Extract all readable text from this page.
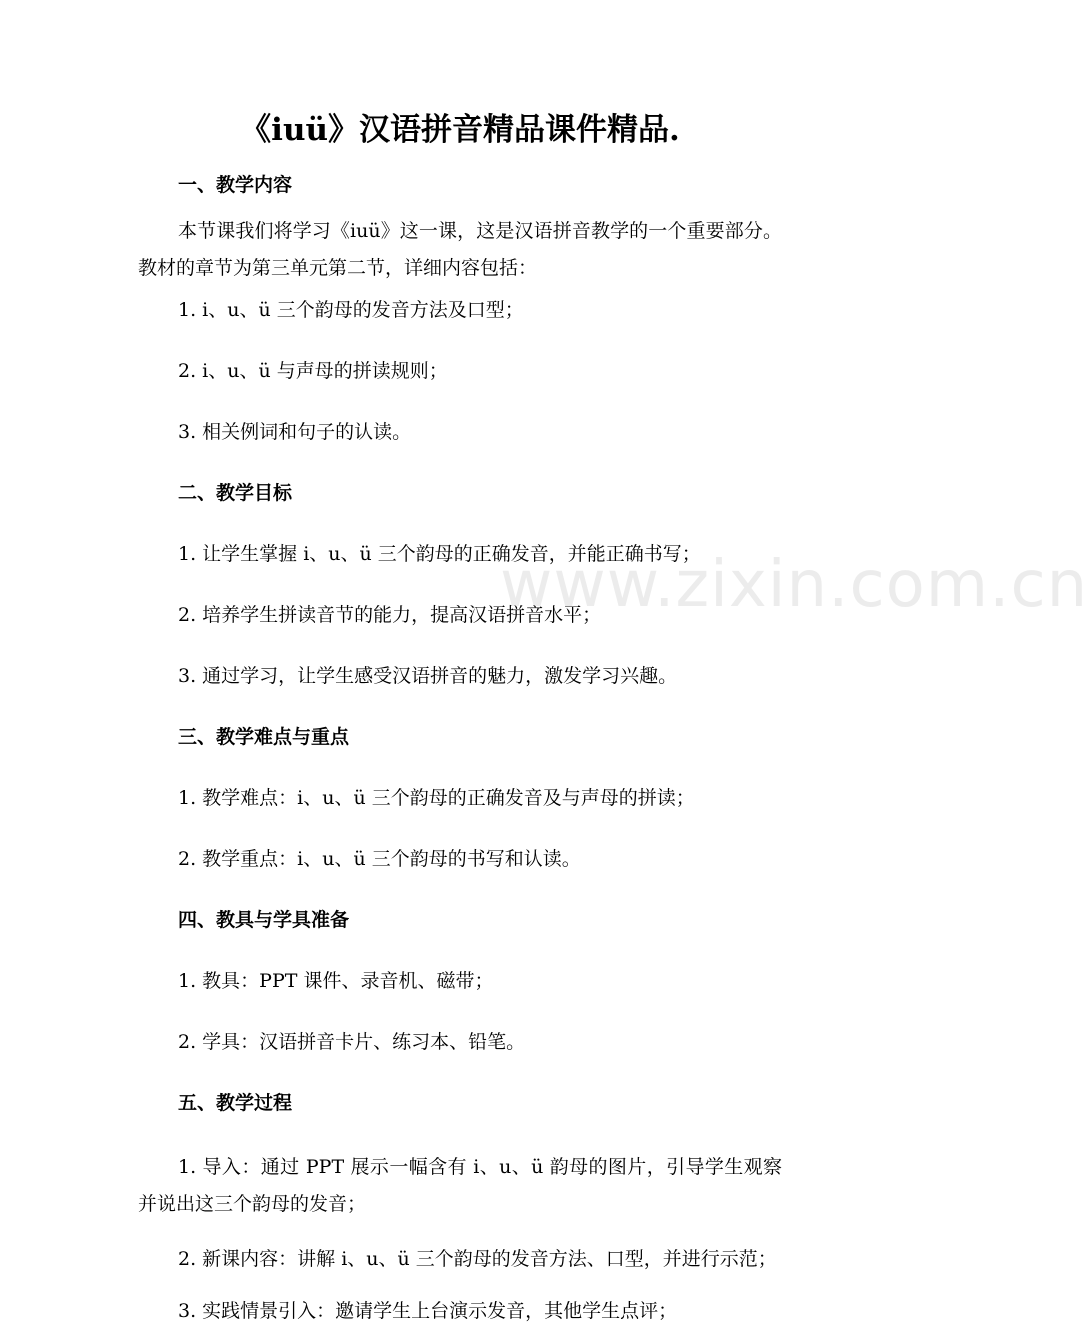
www.zixin.com.cn
《iuü》汉语拼音精品课件精品.
一、教学内容

本节课我们将学习《iuü》这一课，这是汉语拼音教学的一个重要部分。教材的章节为第三单元第二节，详细内容包括：

1. i、u、ü 三个韵母的发音方法及口型；
2. i、u、ü 与声母的拼读规则；
3. 相关例词和句子的认读。
二、教学目标
1. 让学生掌握 i、u、ü 三个韵母的正确发音，并能正确书写；
2. 培养学生拼读音节的能力，提高汉语拼音水平；
3. 通过学习，让学生感受汉语拼音的魅力，激发学习兴趣。
三、教学难点与重点
1. 教学难点：i、u、ü 三个韵母的正确发音及与声母的拼读；
2. 教学重点：i、u、ü 三个韵母的书写和认读。
四、教具与学具准备
1. 教具：PPT 课件、录音机、磁带；
2. 学具：汉语拼音卡片、练习本、铅笔。
五、教学过程

1. 导入：通过 PPT 展示一幅含有 i、u、ü 韵母的图片，引导学生观察并说出这三个韵母的发音；

2. 新课内容：讲解 i、u、ü 三个韵母的发音方法、口型，并进行示范；

3. 实践情景引入：邀请学生上台演示发音，其他学生点评；
